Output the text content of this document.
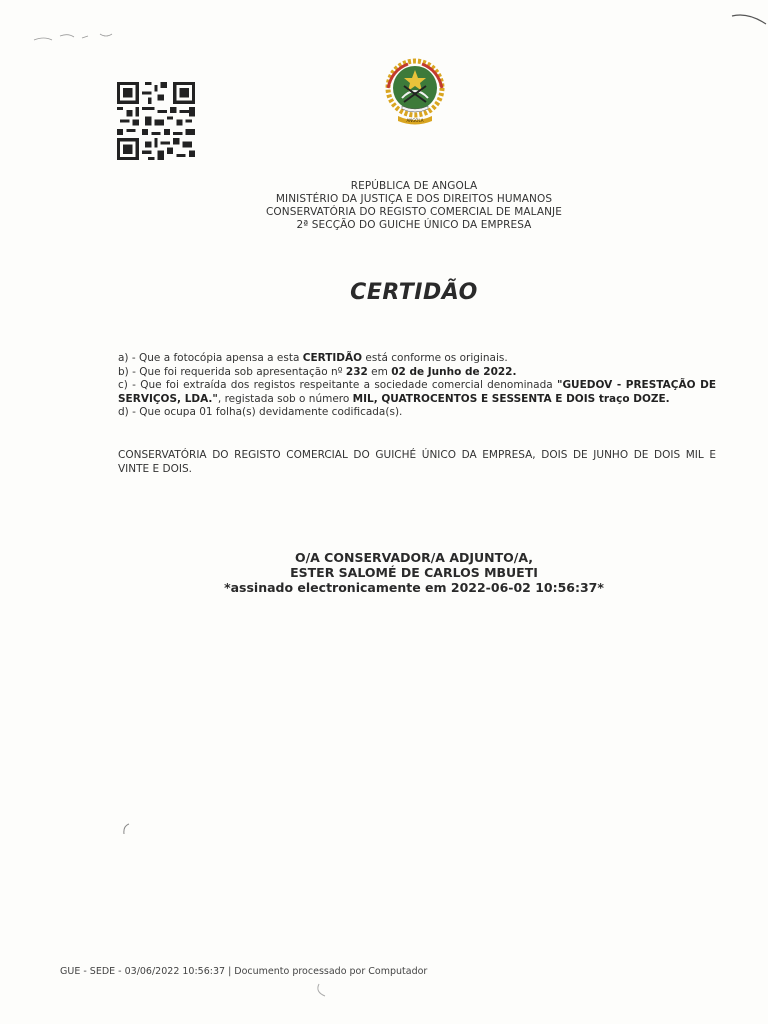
ANGOLA
REPÚBLICA DE ANGOLA
MINISTÉRIO DA JUSTIÇA E DOS DIREITOS HUMANOS
CONSERVATÓRIA DO REGISTO COMERCIAL DE MALANJE
2ª SECÇÃO DO GUICHE ÚNICO DA EMPRESA
CERTIDÃO

a) - Que a fotocópia apensa a esta CERTIDÃO está conforme os originais.

b) - Que foi requerida sob apresentação nº 232 em 02 de Junho de 2022.

c) - Que foi extraída dos registos respeitante a sociedade comercial denominada "GUEDOV - PRESTAÇÃO DE SERVIÇOS, LDA.", registada sob o número MIL, QUATROCENTOS E SESSENTA E DOIS traço DOZE.

d) - Que ocupa 01 folha(s) devidamente codificada(s).

CONSERVATÓRIA DO REGISTO COMERCIAL DO GUICHÉ ÚNICO DA EMPRESA, DOIS DE JUNHO DE DOIS MIL E VINTE E DOIS.
O/A CONSERVADOR/A ADJUNTO/A,
ESTER SALOMÉ DE CARLOS MBUETI
*assinado electronicamente em 2022-06-02 10:56:37*
GUE - SEDE - 03/06/2022 10:56:37 | Documento processado por Computador
